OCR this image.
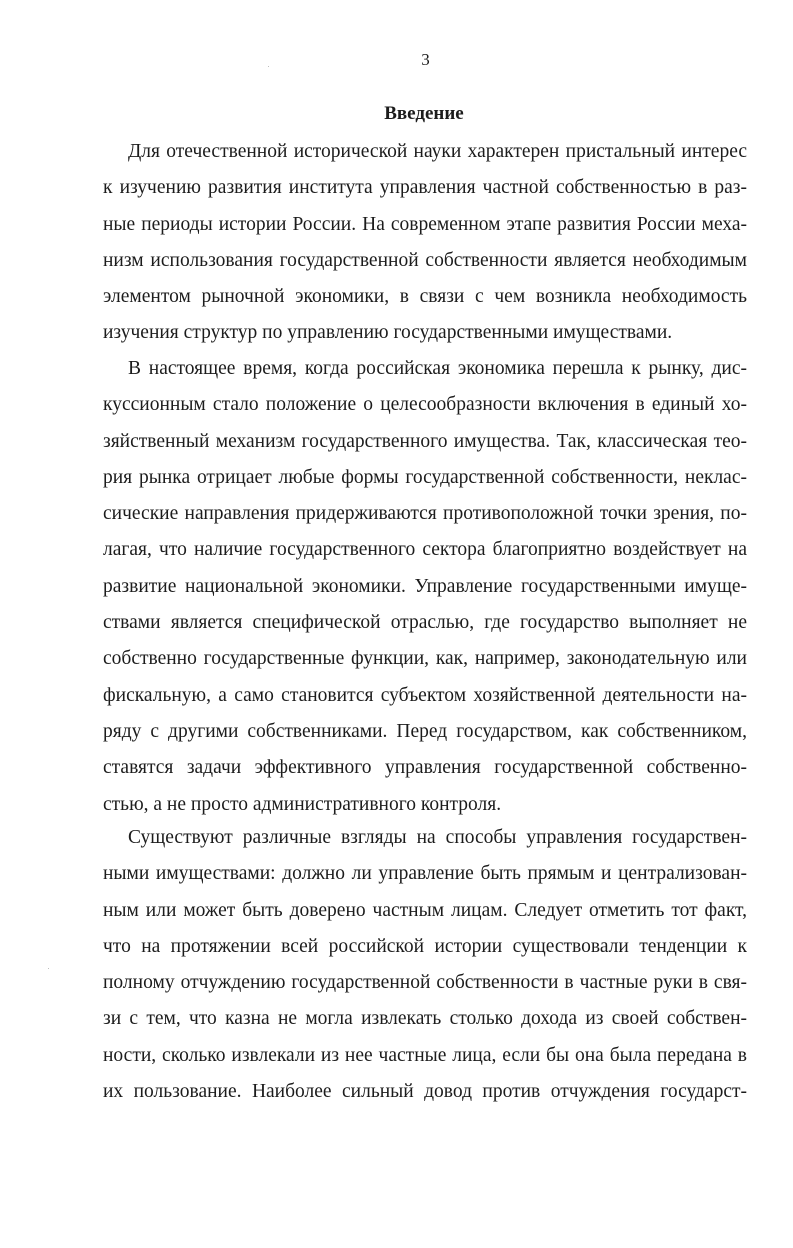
3
Введение

Для отечественной исторической науки характерен пристальный интерес
к изучению развития института управления частной собственностью в раз-
ные периоды истории России. На современном этапе развития России меха-
низм использования государственной собственности является необходимым
элементом рыночной экономики, в связи с чем возникла необходимость
изучения структур по управлению государственными имуществами.

В настоящее время, когда российская экономика перешла к рынку, дис-
куссионным стало положение о целесообразности включения в единый хо-
зяйственный механизм государственного имущества. Так, классическая тео-
рия рынка отрицает любые формы государственной собственности, неклас-
сические направления придерживаются противоположной точки зрения, по-
лагая, что наличие государственного сектора благоприятно воздействует на
развитие национальной экономики. Управление государственными имуще-
ствами является специфической отраслью, где государство выполняет не
собственно государственные функции, как, например, законодательную или
фискальную, а само становится субъектом хозяйственной деятельности на-
ряду с другими собственниками. Перед государством, как собственником,
ставятся задачи эффективного управления государственной собственно-
стью, а не просто административного контроля.

Существуют различные взгляды на способы управления государствен-
ными имуществами: должно ли управление быть прямым и централизован-
ным или может быть доверено частным лицам. Следует отметить тот факт,
что на протяжении всей российской истории существовали тенденции к
полному отчуждению государственной собственности в частные руки в свя-
зи с тем, что казна не могла извлекать столько дохода из своей собствен-
ности, сколько извлекали из нее частные лица, если бы она была передана в
их пользование. Наиболее сильный довод против отчуждения государст-
